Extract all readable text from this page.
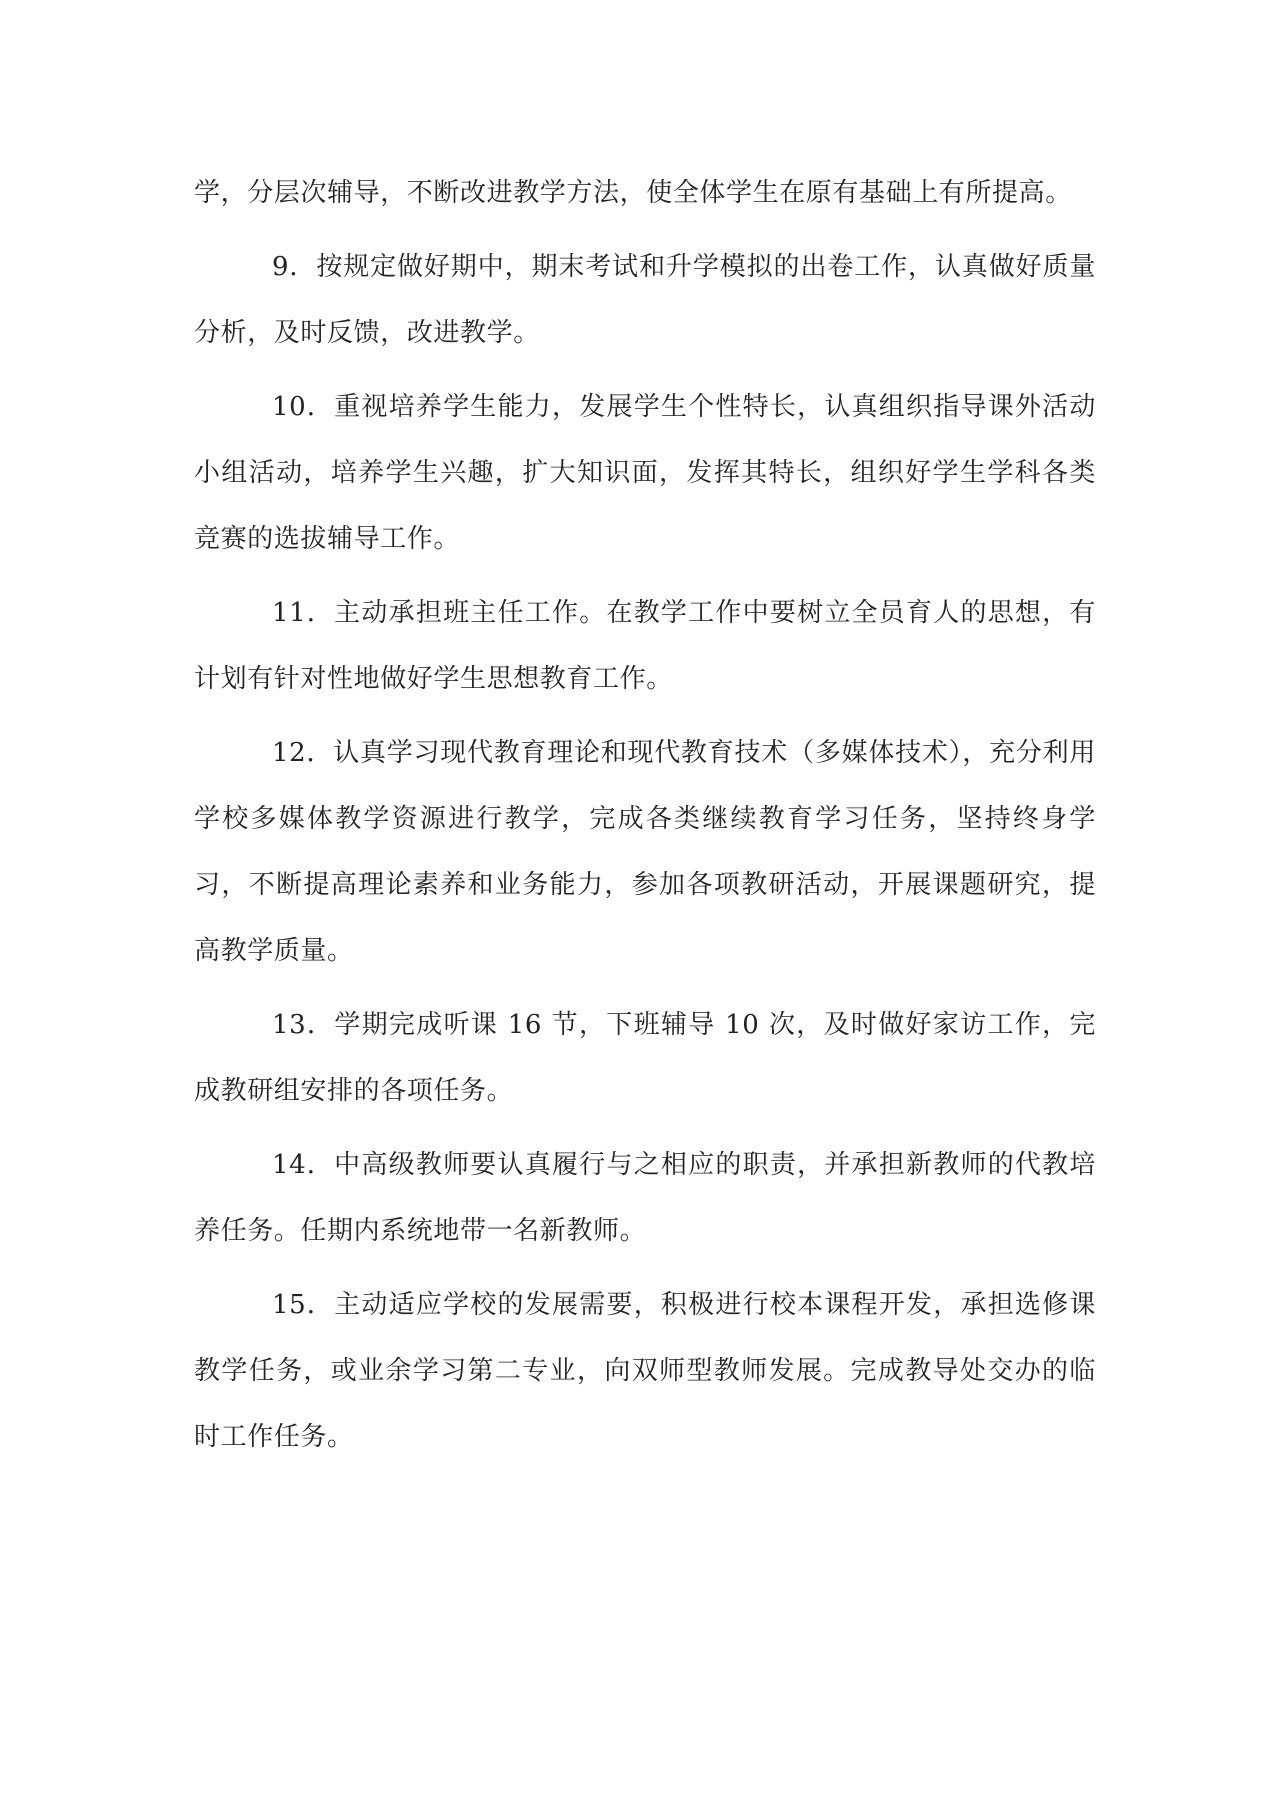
学，分层次辅导，不断改进教学方法，使全体学生在原有基础上有所提高。

9．按规定做好期中，期末考试和升学模拟的出卷工作，认真做好质量分析，及时反馈，改进教学。

10．重视培养学生能力，发展学生个性特长，认真组织指导课外活动小组活动，培养学生兴趣，扩大知识面，发挥其特长，组织好学生学科各类竞赛的选拔辅导工作。

11．主动承担班主任工作。在教学工作中要树立全员育人的思想，有计划有针对性地做好学生思想教育工作。

12．认真学习现代教育理论和现代教育技术（多媒体技术），充分利用学校多媒体教学资源进行教学，完成各类继续教育学习任务，坚持终身学习，不断提高理论素养和业务能力，参加各项教研活动，开展课题研究，提高教学质量。

13．学期完成听课 16 节，下班辅导 10 次，及时做好家访工作，完成教研组安排的各项任务。

14．中高级教师要认真履行与之相应的职责，并承担新教师的代教培养任务。任期内系统地带一名新教师。

15．主动适应学校的发展需要，积极进行校本课程开发，承担选修课教学任务，或业余学习第二专业，向双师型教师发展。完成教导处交办的临时工作任务。
